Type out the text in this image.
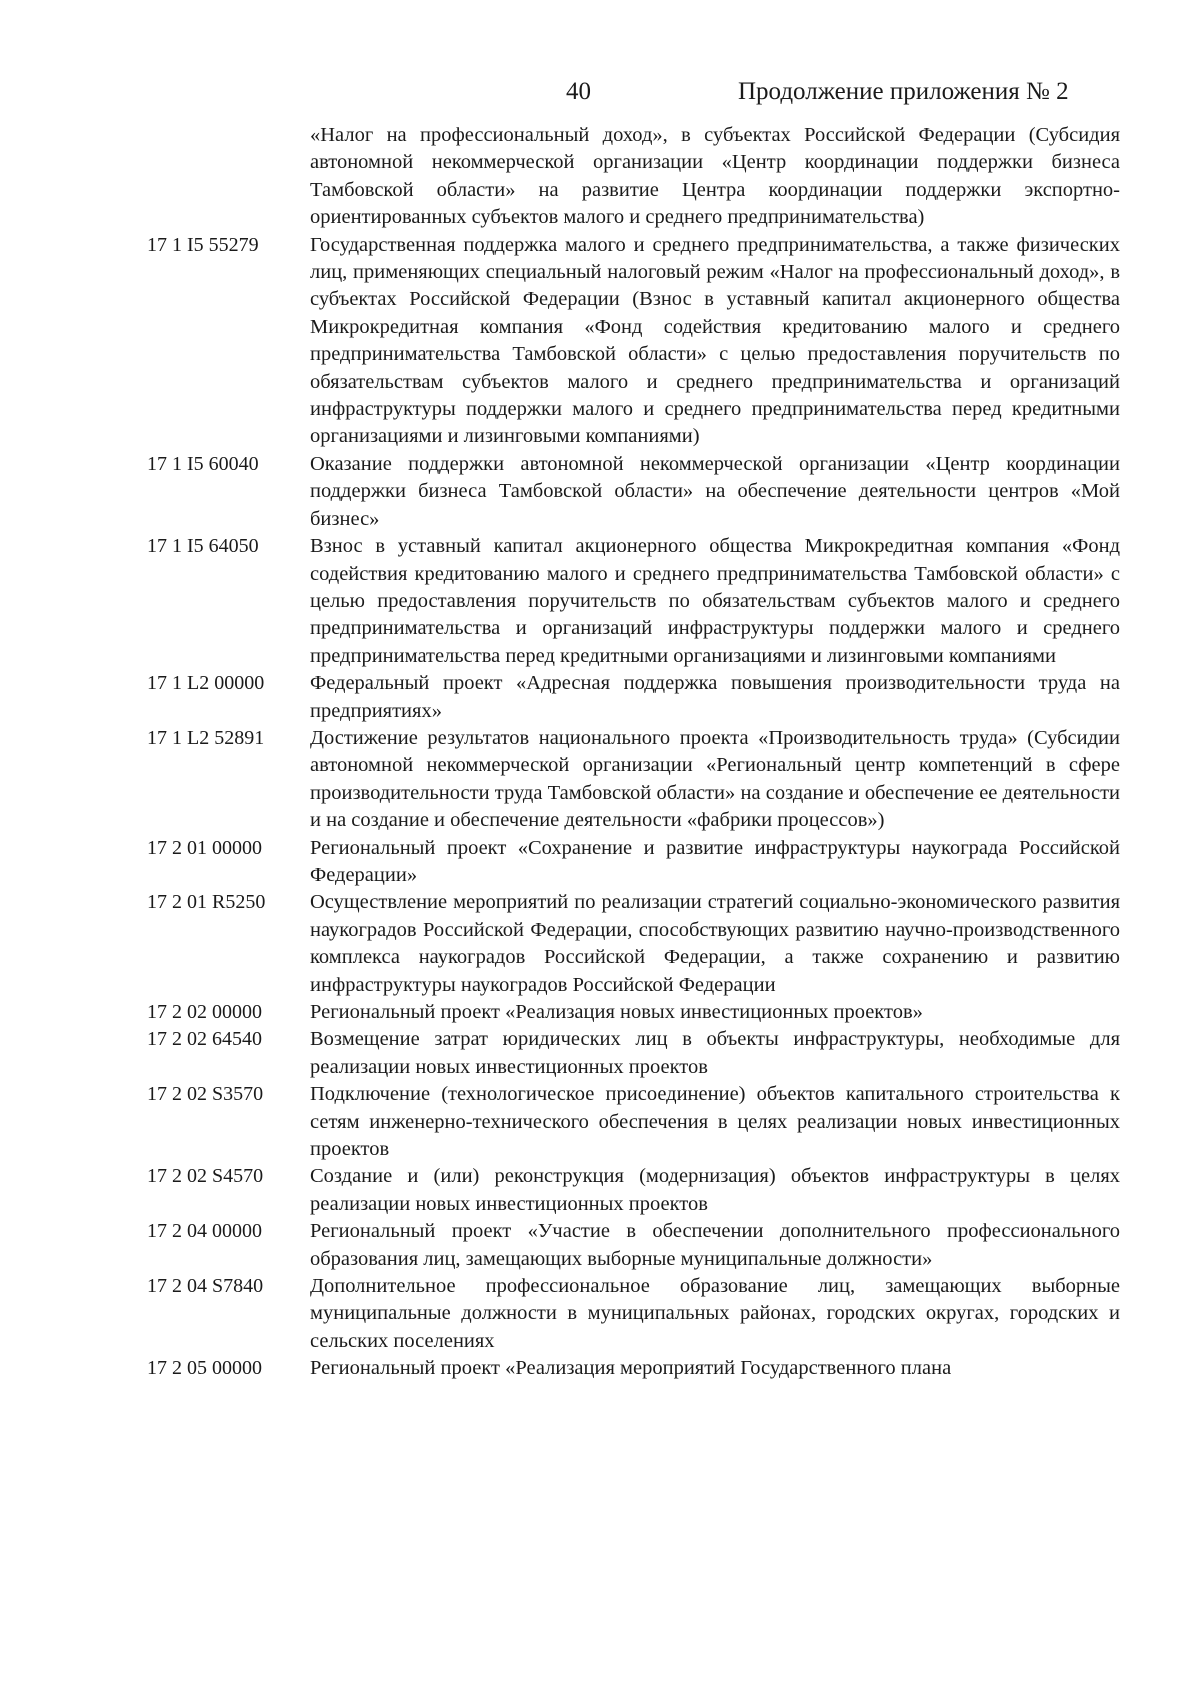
40	Продолжение приложения № 2
«Налог на профессиональный доход», в субъектах Российской Федерации (Субсидия автономной некоммерческой организации «Центр координации поддержки бизнеса Тамбовской области» на развитие Центра координации поддержки экспортно-ориентированных субъектов малого и среднего предпринимательства)
17 1 I5 55279	Государственная поддержка малого и среднего предпринимательства, а также физических лиц, применяющих специальный налоговый режим «Налог на профессиональный доход», в субъектах Российской Федерации (Взнос в уставный капитал акционерного общества Микрокредитная компания «Фонд содействия кредитованию малого и среднего предпринимательства Тамбовской области» с целью предоставления поручительств по обязательствам субъектов малого и среднего предпринимательства и организаций инфраструктуры поддержки малого и среднего предпринимательства перед кредитными организациями и лизинговыми компаниями)
17 1 I5 60040	Оказание поддержки автономной некоммерческой организации «Центр координации поддержки бизнеса Тамбовской области» на обеспечение деятельности центров «Мой бизнес»
17 1 I5 64050	Взнос в уставный капитал акционерного общества Микрокредитная компания «Фонд содействия кредитованию малого и среднего предпринимательства Тамбовской области» с целью предоставления поручительств по обязательствам субъектов малого и среднего предпринимательства и организаций инфраструктуры поддержки малого и среднего предпринимательства перед кредитными организациями и лизинговыми компаниями
17 1 L2 00000 Федеральный проект «Адресная поддержка повышения производительности труда на предприятиях»
17 1 L2 52891 Достижение результатов национального проекта «Производительность труда» (Субсидии автономной некоммерческой организации «Региональный центр компетенций в сфере производительности труда Тамбовской области» на создание и обеспечение ее деятельности и на создание и обеспечение деятельности «фабрики процессов»)
17 2 01 00000 Региональный проект «Сохранение и развитие инфраструктуры наукограда Российской Федерации»
17 2 01 R5250 Осуществление мероприятий по реализации стратегий социально-экономического развития наукоградов Российской Федерации, способствующих развитию научно-производственного комплекса наукоградов Российской Федерации, а также сохранению и развитию инфраструктуры наукоградов Российской Федерации
17 2 02 00000 Региональный проект «Реализация новых инвестиционных проектов»
17 2 02 64540 Возмещение затрат юридических лиц в объекты инфраструктуры, необходимые для реализации новых инвестиционных проектов
17 2 02 S3570 Подключение (технологическое присоединение) объектов капитального строительства к сетям инженерно-технического обеспечения в целях реализации новых инвестиционных проектов
17 2 02 S4570 Создание и (или) реконструкция (модернизация) объектов инфраструктуры в целях реализации новых инвестиционных проектов
17 2 04 00000 Региональный проект «Участие в обеспечении дополнительного профессионального образования лиц, замещающих выборные муниципальные должности»
17 2 04 S7840 Дополнительное профессиональное образование лиц, замещающих выборные муниципальные должности в муниципальных районах, городских округах, городских и сельских поселениях
17 2 05 00000 Региональный проект «Реализация мероприятий Государственного плана
